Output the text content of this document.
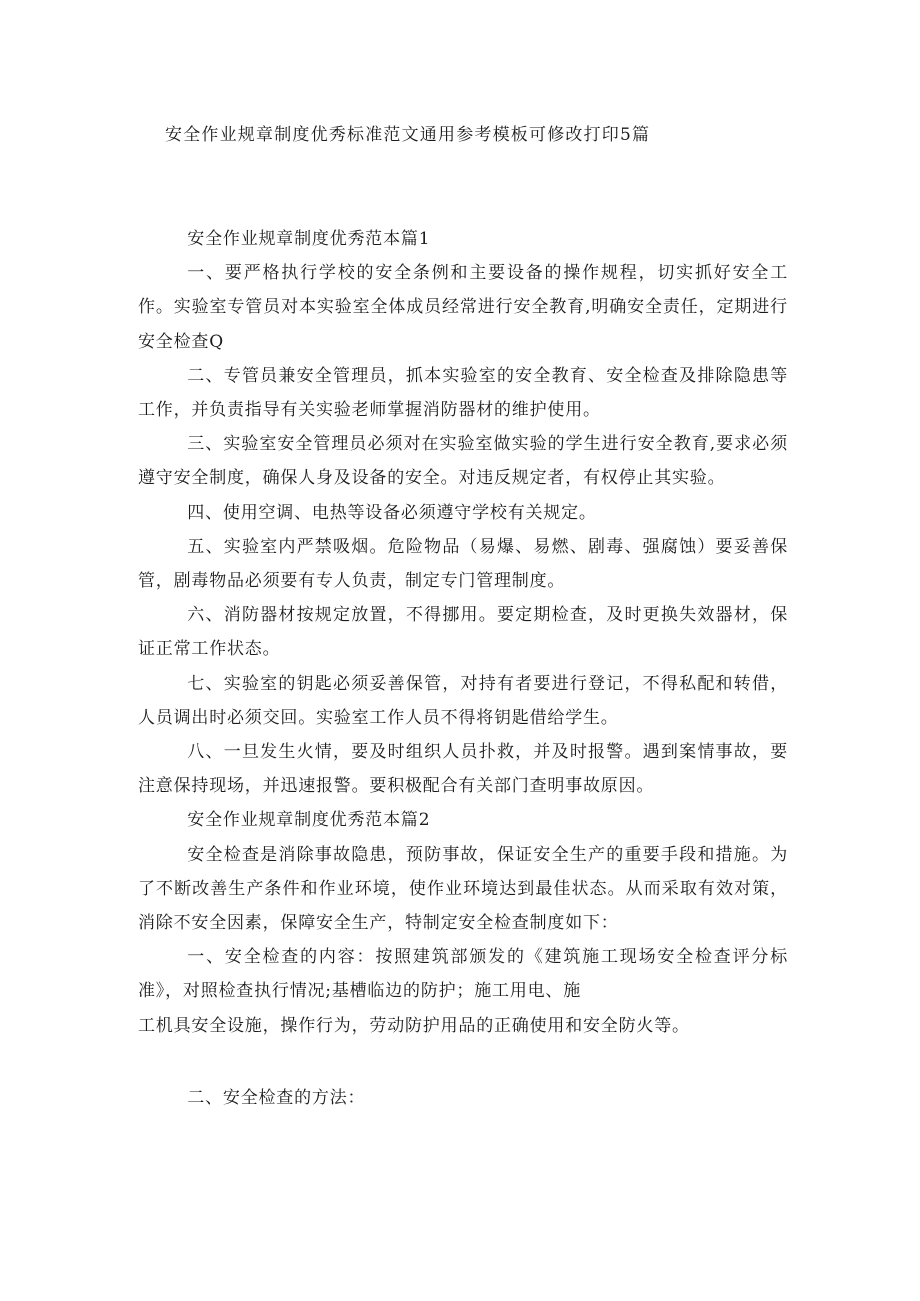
安全作业规章制度优秀标准范文通用参考模板可修改打印5篇

安全作业规章制度优秀范本篇1

一、要严格执行学校的安全条例和主要设备的操作规程，切实抓好安全工作。实验室专管员对本实验室全体成员经常进行安全教育,明确安全责任，定期进行安全检查Q

二、专管员兼安全管理员，抓本实验室的安全教育、安全检查及排除隐患等工作，并负责指导有关实验老师掌握消防器材的维护使用。

三、实验室安全管理员必须对在实验室做实验的学生进行安全教育,要求必须遵守安全制度，确保人身及设备的安全。对违反规定者，有权停止其实验。

四、使用空调、电热等设备必须遵守学校有关规定。

五、实验室内严禁吸烟。危险物品（易爆、易燃、剧毒、强腐蚀）要妥善保管，剧毒物品必须要有专人负责，制定专门管理制度。

六、消防器材按规定放置，不得挪用。要定期检查，及时更换失效器材，保证正常工作状态。

七、实验室的钥匙必须妥善保管，对持有者要进行登记，不得私配和转借，人员调出时必须交回。实验室工作人员不得将钥匙借给学生。

八、一旦发生火情，要及时组织人员扑救，并及时报警。遇到案情事故，要注意保持现场，并迅速报警。要积极配合有关部门查明事故原因。

安全作业规章制度优秀范本篇2

安全检查是消除事故隐患，预防事故，保证安全生产的重要手段和措施。为了不断改善生产条件和作业环境，使作业环境达到最佳状态。从而采取有效对策，消除不安全因素，保障安全生产，特制定安全检查制度如下：

一、安全检查的内容：按照建筑部颁发的《建筑施工现场安全检查评分标准》，对照检查执行情况;基槽临边的防护；施工用电、施

工机具安全设施，操作行为，劳动防护用品的正确使用和安全防火等。

二、安全检查的方法：
